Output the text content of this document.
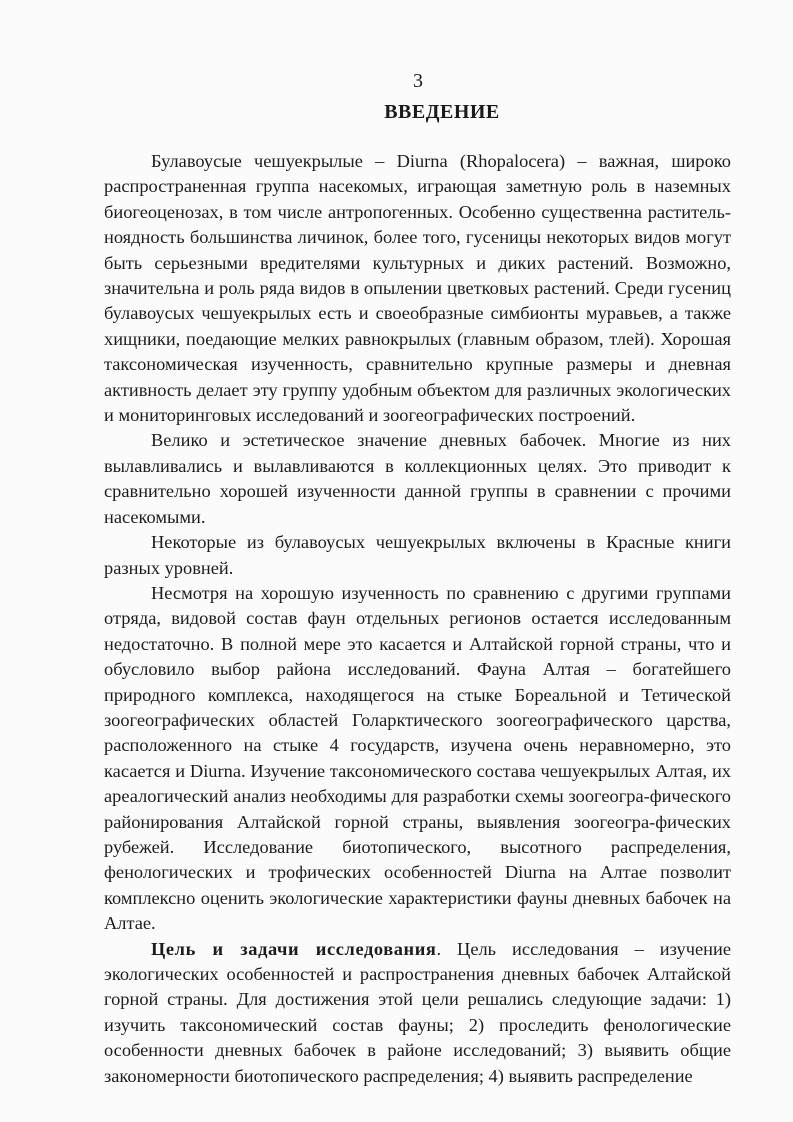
3

ВВЕДЕНИЕ

Булавоусые чешуекрылые – Diurna (Rhopalocera) – важная, широко распространенная группа насекомых, играющая заметную роль в наземных биогеоценозах, в том числе антропогенных. Особенно существенна раститель-ноядность большинства личинок, более того, гусеницы некоторых видов могут быть серьезными вредителями культурных и диких растений. Возможно, значительна и роль ряда видов в опылении цветковых растений. Среди гусениц булавоусых чешуекрылых есть и своеобразные симбионты муравьев, а также хищники, поедающие мелких равнокрылых (главным образом, тлей). Хорошая таксономическая изученность, сравнительно крупные размеры и дневная активность делает эту группу удобным объектом для различных экологических и мониторинговых исследований и зоогеографических построений.

Велико и эстетическое значение дневных бабочек. Многие из них вылавливались и вылавливаются в коллекционных целях. Это приводит к сравнительно хорошей изученности данной группы в сравнении с прочими насекомыми.

Некоторые из булавоусых чешуекрылых включены в Красные книги разных уровней.

Несмотря на хорошую изученность по сравнению с другими группами отряда, видовой состав фаун отдельных регионов остается исследованным недостаточно. В полной мере это касается и Алтайской горной страны, что и обусловило выбор района исследований. Фауна Алтая – богатейшего природного комплекса, находящегося на стыке Бореальной и Тетической зоогеографических областей Голарктического зоогеографического царства, расположенного на стыке 4 государств, изучена очень неравномерно, это касается и Diurna. Изучение таксономического состава чешуекрылых Алтая, их ареалогический анализ необходимы для разработки схемы зоогеогра-фического районирования Алтайской горной страны, выявления зоогеогра-фических рубежей. Исследование биотопического, высотного распределения, фенологических и трофических особенностей Diurna на Алтае позволит комплексно оценить экологические характеристики фауны дневных бабочек на Алтае.

Цель и задачи исследования. Цель исследования – изучение экологических особенностей и распространения дневных бабочек Алтайской горной страны. Для достижения этой цели решались следующие задачи: 1) изучить таксономический состав фауны; 2) проследить фенологические особенности дневных бабочек в районе исследований; 3) выявить общие закономерности биотопического распределения; 4) выявить распределение
